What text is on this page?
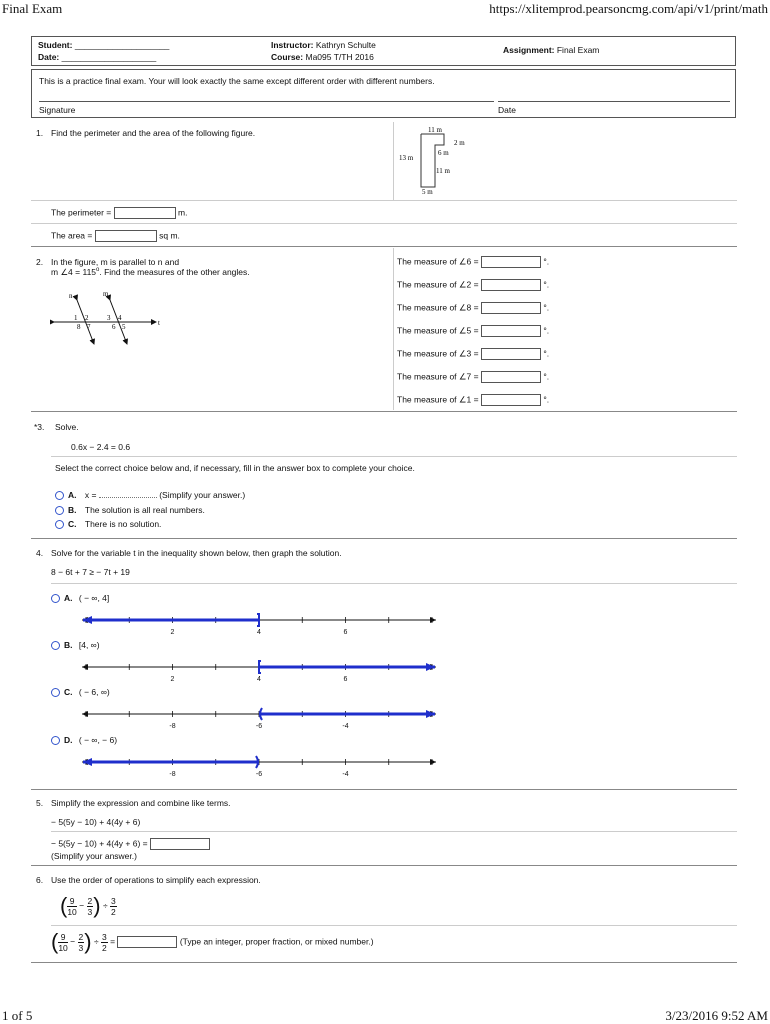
Final Exam	https://xlitemprod.pearsoncmg.com/api/v1/print/math
1 of 5	3/23/2016 9:52 AM
Student: ____________________
Date: ____________________
Instructor: Kathryn Schulte
Course: Ma095 T/TH 2016
Assignment: Final Exam
This is a practice final exam. Your will look exactly the same except different order with different numbers.
Signature	Date
1. Find the perimeter and the area of the following figure.	11 m
2 m
6 m
13 m
11 m
5 m
The perimeter =	m.
The area =	sq m.
2. In the figure, m is parallel to n and
m ∠4 = $115^o$. Find the measures of the other angles.
n	m
1 2	3 4
8 7	6 5	t
The measure of ∠6 =	°.
The measure of ∠2 =	°.
The measure of ∠8 =	°.
The measure of ∠5 =	°.
The measure of ∠3 =	°.
The measure of ∠7 =	°.
The measure of ∠1 =	°.
*3. Solve.
0.6x − 2.4 = 0.6
Select the correct choice below and, if necessary, fill in the answer box to complete your choice.
A. x =	(Simplify your answer.)
B. The solution is all real numbers.
C. There is no solution.
4. Solve for the variable t in the inequality shown below, then graph the solution.
8 − 6t + 7 ≥ − 7t + 19
A. ( − ∞, 4]
2	4	6
B. [4, ∞)
2	4	6
C. ( − 6, ∞)
-8	-6	-4
D. ( − ∞, − 6)
-8	-6	-4
5. Simplify the expression and combine like terms.
− 5(5y − 10) + 4(4y + 6)
− 5(5y − 10) + 4(4y + 6) =
(Simplify your answer.)
6. Use the order of operations to simplify each expression.
( $\frac{9}{10} - \frac{2}{3}$ ) ÷ $\frac{3}{2}$
( $\frac{9}{10} - \frac{2}{3}$ ) ÷ $\frac{3}{2}$ =	(Type an integer, proper fraction, or mixed number.)
